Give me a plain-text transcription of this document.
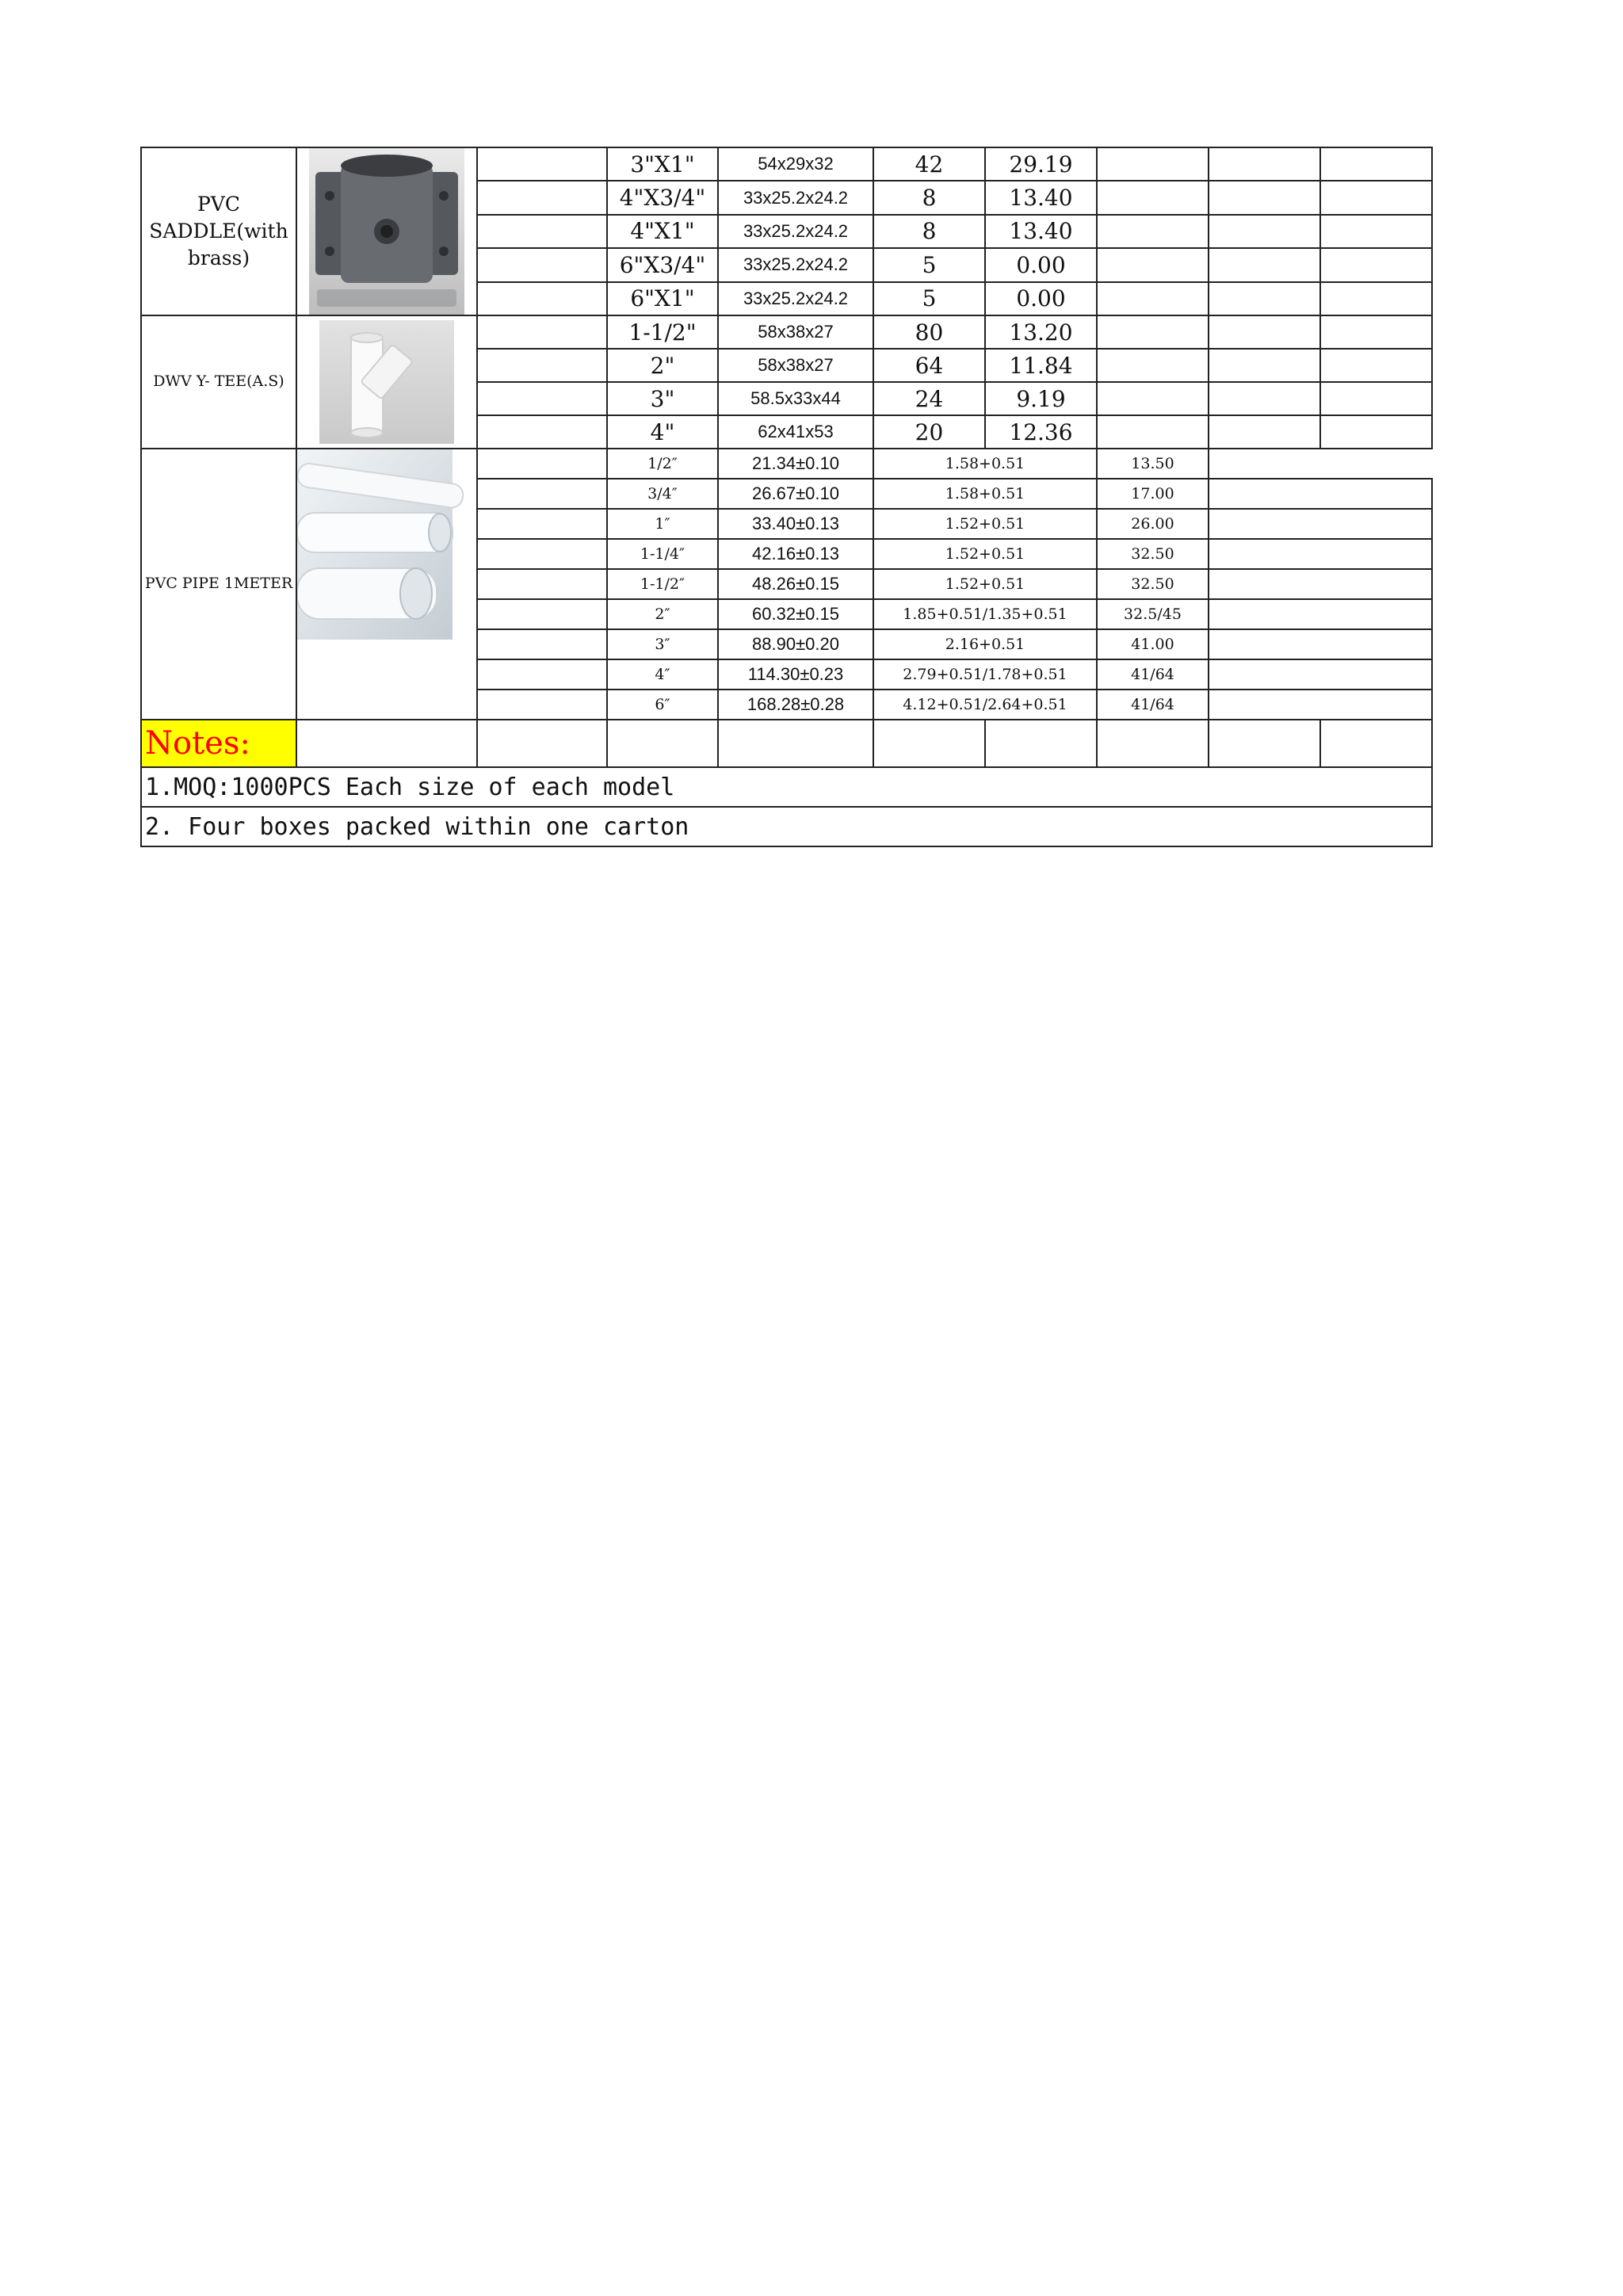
PVC SADDLE(with brass)			3"X1"	54x29x32	42	29.19			
			4"X3/4"	33x25.2x24.2	8	13.40			
			4"X1"	33x25.2x24.2	8	13.40			
			6"X3/4"	33x25.2x24.2	5	0.00			
			6"X1"	33x25.2x24.2	5	0.00			
DWV Y- TEE(A.S)			1-1/2"	58x38x27	80	13.20			
			2"	58x38x27	64	11.84			
			3"	58.5x33x44	24	9.19			
			4"	62x41x53	20	12.36			
PVC PIPE 1METER			1/2″	21.34±0.10	1.58+0.51		13.50		
			3/4″	26.67±0.10	1.58+0.51		17.00		
			1″	33.40±0.13	1.52+0.51		26.00		
			1-1/4″	42.16±0.13	1.52+0.51		32.50		
			1-1/2″	48.26±0.15	1.52+0.51		32.50		
			2″	60.32±0.15	1.85+0.51/1.35+0.51		32.5/45		
			3″	88.90±0.20	2.16+0.51		41.00		
			4″	114.30±0.23	2.79+0.51/1.78+0.51		41/64		
			6″	168.28±0.28	4.12+0.51/2.64+0.51		41/64		
Notes:									
1.MOQ:1000PCS Each size of each model									
2. Four boxes packed within one carton									
